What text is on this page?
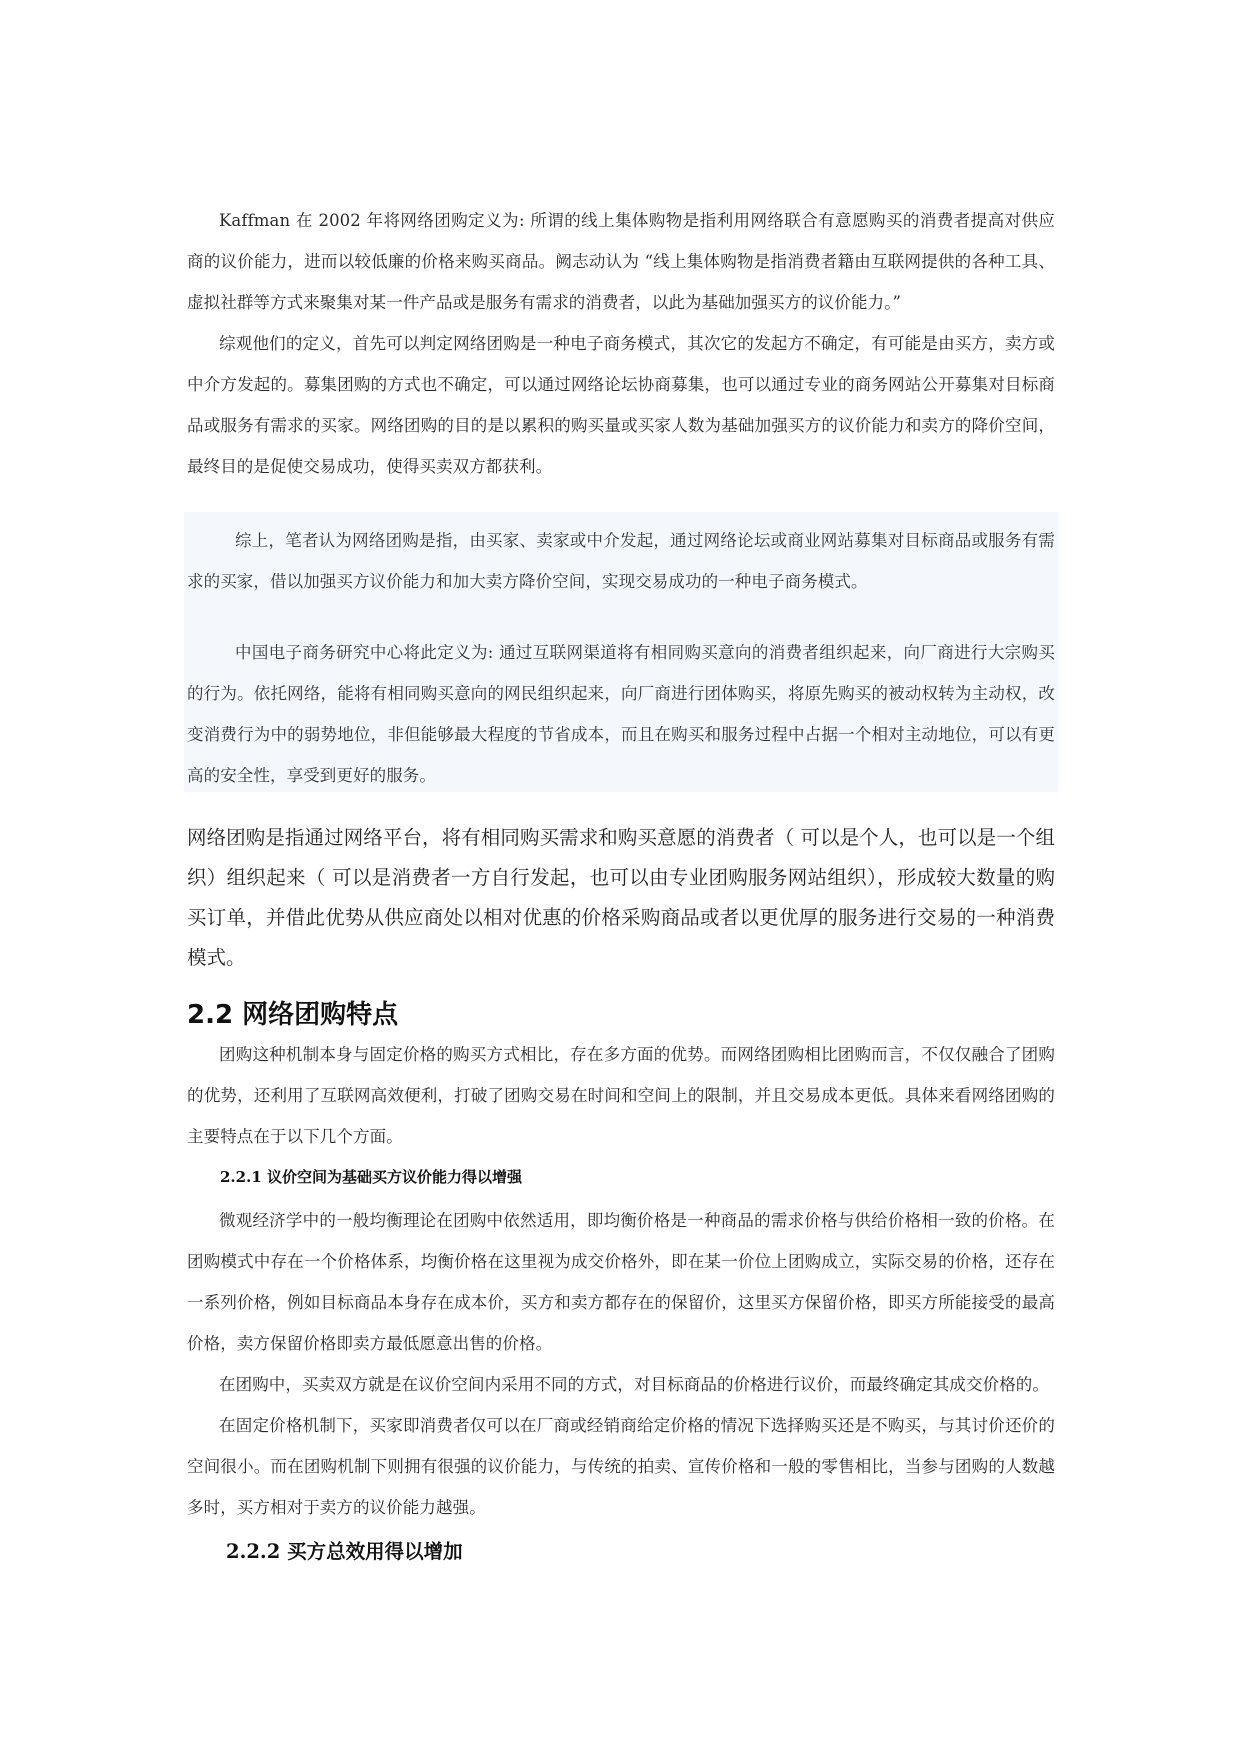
Kaffman 在 2002 年将网络团购定义为: 所谓的线上集体购物是指利用网络联合有意愿购买的消费者提高对供应商的议价能力，进而以较低廉的价格来购买商品。阙志动认为 “线上集体购物是指消费者籍由互联网提供的各种工具、虚拟社群等方式来聚集对某一件产品或是服务有需求的消费者，以此为基础加强买方的议价能力。”

综观他们的定义，首先可以判定网络团购是一种电子商务模式，其次它的发起方不确定，有可能是由买方，卖方或中介方发起的。募集团购的方式也不确定，可以通过网络论坛协商募集，也可以通过专业的商务网站公开募集对目标商品或服务有需求的买家。网络团购的目的是以累积的购买量或买家人数为基础加强买方的议价能力和卖方的降价空间，最终目的是促使交易成功，使得买卖双方都获利。

综上，笔者认为网络团购是指，由买家、卖家或中介发起，通过网络论坛或商业网站募集对目标商品或服务有需求的买家，借以加强买方议价能力和加大卖方降价空间，实现交易成功的一种电子商务模式。

中国电子商务研究中心将此定义为: 通过互联网渠道将有相同购买意向的消费者组织起来，向厂商进行大宗购买的行为。依托网络，能将有相同购买意向的网民组织起来，向厂商进行团体购买，将原先购买的被动权转为主动权，改变消费行为中的弱势地位，非但能够最大程度的节省成本，而且在购买和服务过程中占据一个相对主动地位，可以有更高的安全性，享受到更好的服务。

网络团购是指通过网络平台，将有相同购买需求和购买意愿的消费者（ 可以是个人，也可以是一个组织）组织起来（ 可以是消费者一方自行发起，也可以由专业团购服务网站组织），形成较大数量的购买订单，并借此优势从供应商处以相对优惠的价格采购商品或者以更优厚的服务进行交易的一种消费模式。

2.2 网络团购特点

团购这种机制本身与固定价格的购买方式相比，存在多方面的优势。而网络团购相比团购而言，不仅仅融合了团购的优势，还利用了互联网高效便利，打破了团购交易在时间和空间上的限制，并且交易成本更低。具体来看网络团购的主要特点在于以下几个方面。

2.2.1 议价空间为基础买方议价能力得以增强

微观经济学中的一般均衡理论在团购中依然适用，即均衡价格是一种商品的需求价格与供给价格相一致的价格。在团购模式中存在一个价格体系，均衡价格在这里视为成交价格外，即在某一价位上团购成立，实际交易的价格，还存在一系列价格，例如目标商品本身存在成本价，买方和卖方都存在的保留价，这里买方保留价格，即买方所能接受的最高价格，卖方保留价格即卖方最低愿意出售的价格。

在团购中，买卖双方就是在议价空间内采用不同的方式，对目标商品的价格进行议价，而最终确定其成交价格的。

在固定价格机制下，买家即消费者仅可以在厂商或经销商给定价格的情况下选择购买还是不购买，与其讨价还价的空间很小。而在团购机制下则拥有很强的议价能力，与传统的拍卖、宣传价格和一般的零售相比，当参与团购的人数越多时，买方相对于卖方的议价能力越强。

2.2.2 买方总效用得以增加
